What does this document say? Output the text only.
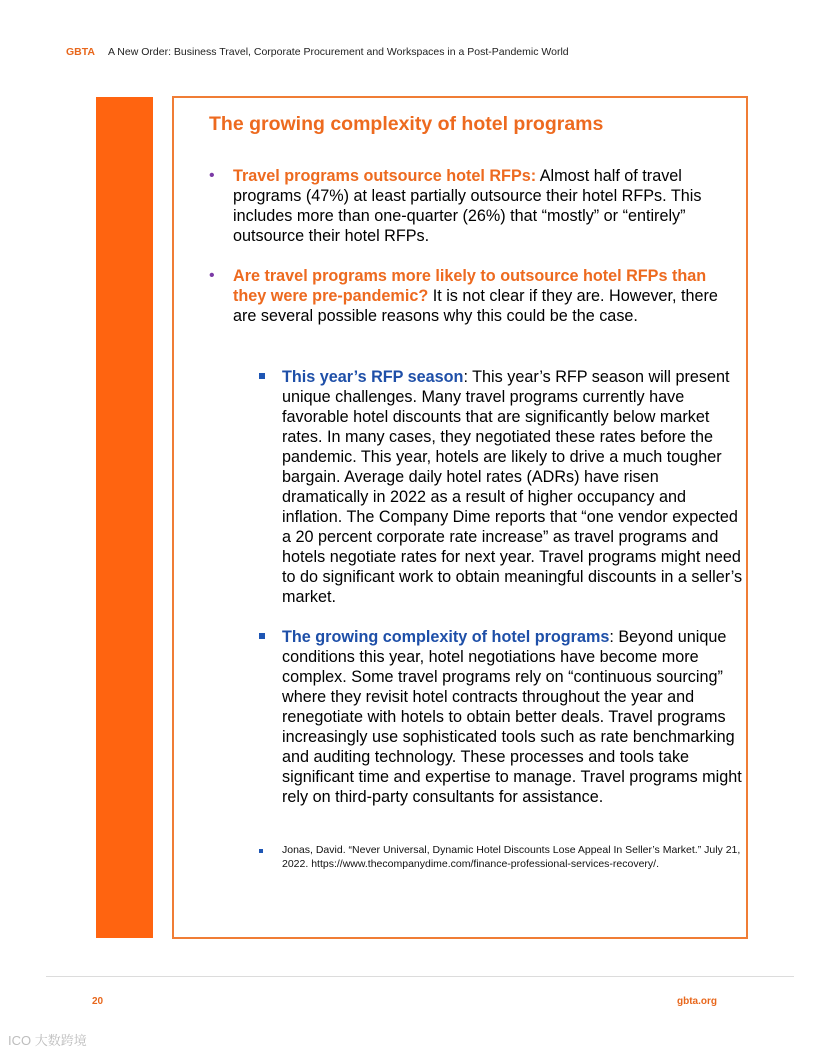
GBTA A New Order: Business Travel, Corporate Procurement and Workspaces in a Post-Pandemic World
The growing complexity of hotel programs
• Travel programs outsource hotel RFPs: Almost half of travel programs (47%) at least partially outsource their hotel RFPs. This includes more than one-quarter (26%) that “mostly” or “entirely” outsource their hotel RFPs.
• Are travel programs more likely to outsource hotel RFPs than they were pre-pandemic? It is not clear if they are. However, there are several possible reasons why this could be the case.
This year’s RFP season: This year’s RFP season will present unique challenges. Many travel programs currently have favorable hotel discounts that are significantly below market rates. In many cases, they negotiated these rates before the pandemic. This year, hotels are likely to drive a much tougher bargain. Average daily hotel rates (ADRs) have risen dramatically in 2022 as a result of higher occupancy and inflation. The Company Dime reports that “one vendor expected a 20 percent corporate rate increase” as travel programs and hotels negotiate rates for next year. Travel programs might need to do significant work to obtain meaningful discounts in a seller’s market.
The growing complexity of hotel programs: Beyond unique conditions this year, hotel negotiations have become more complex. Some travel programs rely on “continuous sourcing” where they revisit hotel contracts throughout the year and renegotiate with hotels to obtain better deals. Travel programs increasingly use sophisticated tools such as rate benchmarking and auditing technology. These processes and tools take significant time and expertise to manage. Travel programs might rely on third-party consultants for assistance.
Jonas, David. “Never Universal, Dynamic Hotel Discounts Lose Appeal In Seller’s Market.” July 21, 2022. https://www.thecompanydime.com/finance-professional-services-recovery/.
20	gbta.org
ICO 大数跨境
